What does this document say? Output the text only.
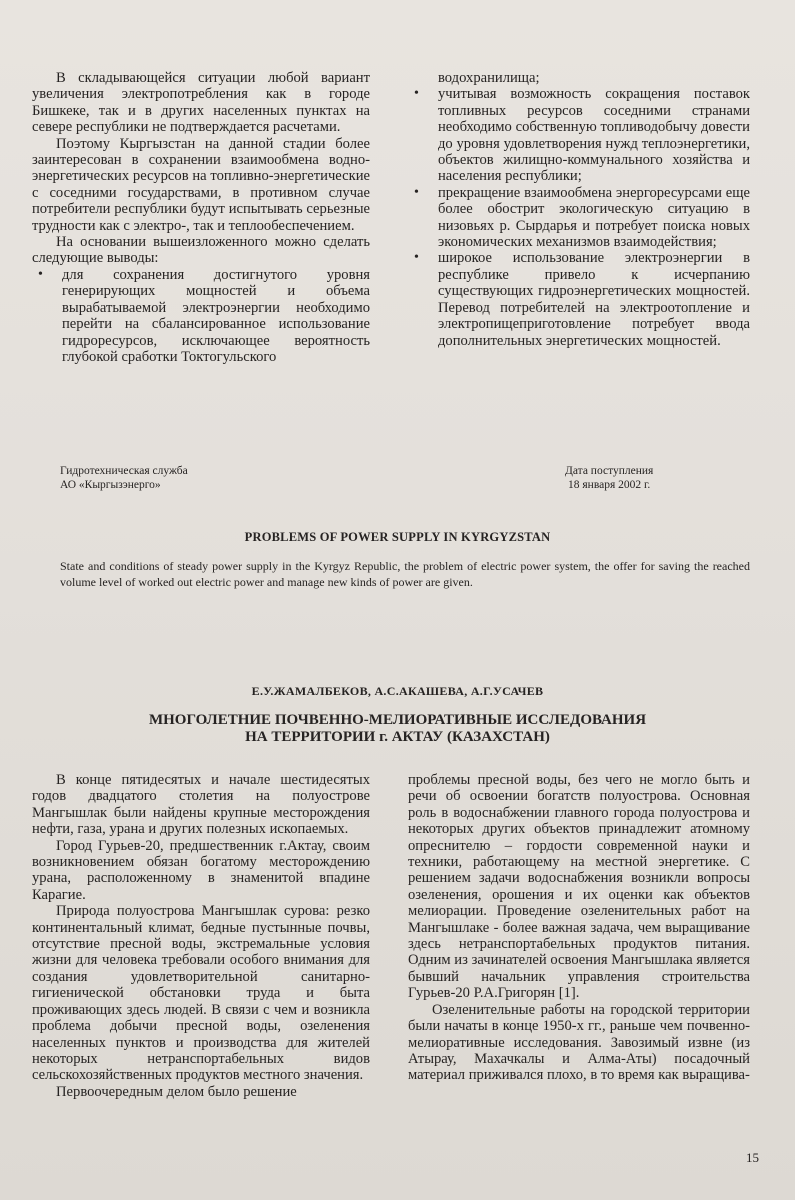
В складывающейся ситуации любой вариант увеличения электропотребления как в городе Бишкеке, так и в других населенных пунктах на севере республики не подтверждается расчетами.

Поэтому Кыргызстан на данной стадии более заинтересован в сохранении взаимообмена водно-энергетических ресурсов на топливно-энергетические с соседними государствами, в противном случае потребители республики будут испытывать серьезные трудности как с электро-, так и теплообеспечением.

На основании вышеизложенного можно сделать следующие выводы:

• для сохранения достигнутого уровня генерирующих мощностей и объема вырабатываемой электроэнергии необходимо перейти на сбалансированное использование гидроресурсов, исключающее вероятность глубокой сработки Токтогульского

водохранилища;

• учитывая возможность сокращения поставок топливных ресурсов соседними странами необходимо собственную топливодобычу довести до уровня удовлетворения нужд теплоэнергетики, объектов жилищно-коммунального хозяйства и населения республики;
• прекращение взаимообмена энергоресурсами еще более обострит экологическую ситуацию в низовьях р. Сырдарья и потребует поиска новых экономических механизмов взаимодействия;
• широкое использование электроэнергии в республике привело к исчерпанию существующих гидроэнергетических мощностей. Перевод потребителей на электроотопление и электропищеприготовление потребует ввода дополнительных энергетических мощностей.
Гидротехническая служба
АО «Кыргызэнерго»
Дата поступления
18 января 2002 г.
PROBLEMS OF POWER SUPPLY IN KYRGYZSTAN
State and conditions of steady power supply in the Kyrgyz Republic, the problem of electric power system, the offer for saving the reached volume level of worked out electric power and manage new kinds of power are given.
Е.У.ЖАМАЛБЕКОВ, А.С.АКАШЕВА, А.Г.УСАЧЕВ
МНОГОЛЕТНИЕ ПОЧВЕННО-МЕЛИОРАТИВНЫЕ ИССЛЕДОВАНИЯ
НА ТЕРРИТОРИИ г. АКТАУ (КАЗАХСТАН)

В конце пятидесятых и начале шестидесятых годов двадцатого столетия на полуострове Мангышлак были найдены крупные месторождения нефти, газа, урана и других полезных ископаемых.

Город Гурьев-20, предшественник г.Актау, своим возникновением обязан богатому месторождению урана, расположенному в знаменитой впадине Карагие.

Природа полуострова Мангышлак сурова: резко континентальный климат, бедные пустынные почвы, отсутствие пресной воды, экстремальные условия жизни для человека требовали особого внимания для создания удовлетворительной санитарно-гигиенической обстановки труда и быта проживающих здесь людей. В связи с чем и возникла проблема добычи пресной воды, озеленения населенных пунктов и производства для жителей некоторых нетранспортабельных видов сельскохозяйственных продуктов местного значения.

Первоочередным делом было решение

проблемы пресной воды, без чего не могло быть и речи об освоении богатств полуострова. Основная роль в водоснабжении главного города полуострова и некоторых других объектов принадлежит атомному опреснителю – гордости современной науки и техники, работающему на местной энергетике. С решением задачи водоснабжения возникли вопросы озеленения, орошения и их оценки как объектов мелиорации. Проведение озеленительных работ на Мангышлаке - более важная задача, чем выращивание здесь нетранспортабельных продуктов питания. Одним из зачинателей освоения Мангышлака является бывший начальник управления строительства Гурьев-20 Р.А.Григорян [1].

Озеленительные работы на городской территории были начаты в конце 1950-х гг., раньше чем почвенно-мелиоративные исследования. Завозимый извне (из Атырау, Махачкалы и Алма-Аты) посадочный материал приживался плохо, в то время как выращива-

15
